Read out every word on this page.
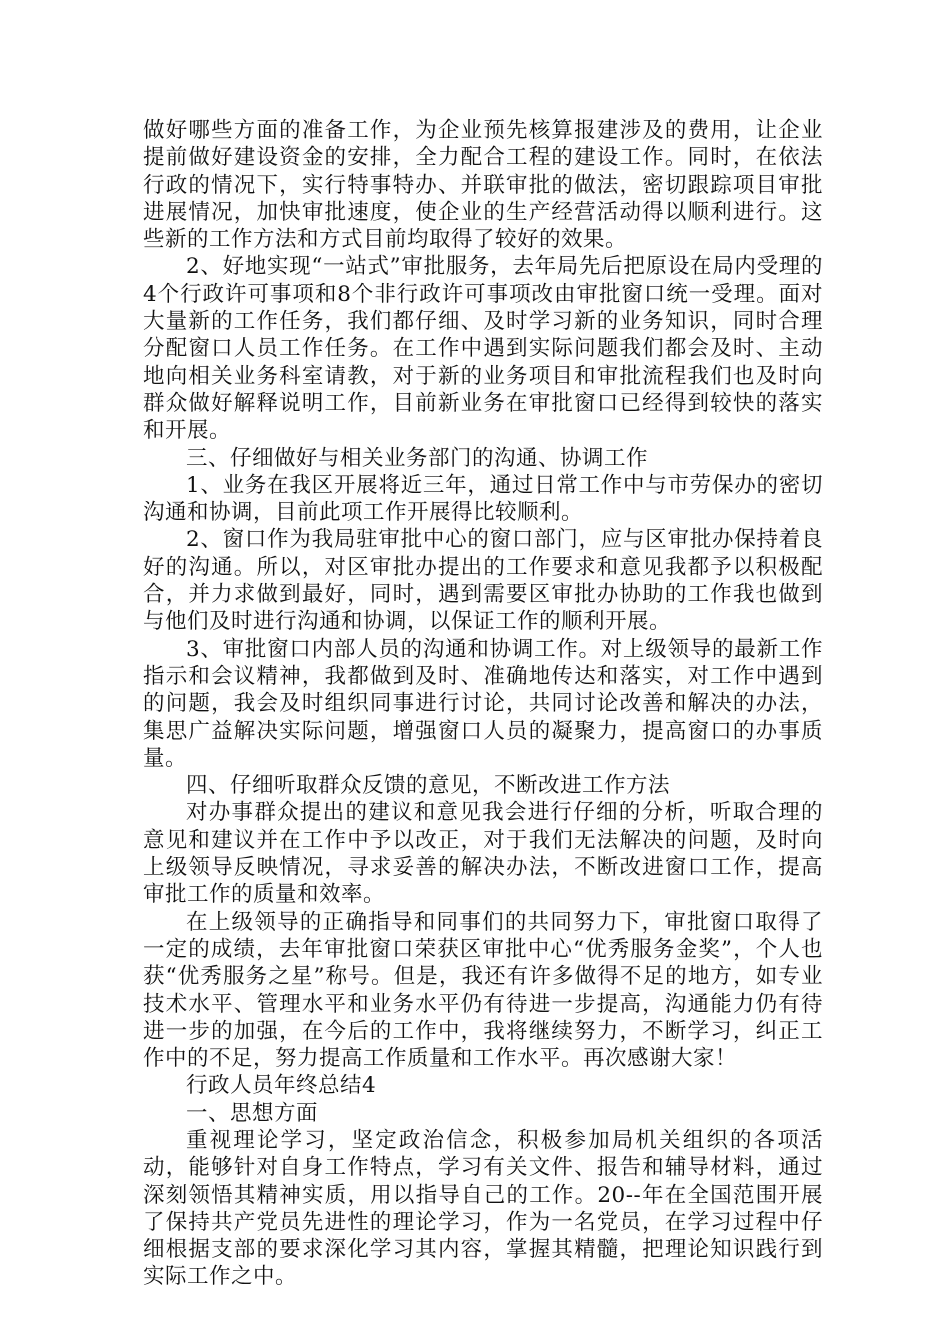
做好哪些方面的准备工作，为企业预先核算报建涉及的费用，让企业提前做好建设资金的安排，全力配合工程的建设工作。同时，在依法行政的情况下，实行特事特办、并联审批的做法，密切跟踪项目审批进展情况，加快审批速度，使企业的生产经营活动得以顺利进行。这些新的工作方法和方式目前均取得了较好的效果。

2、好地实现“一站式”审批服务，去年局先后把原设在局内受理的4个行政许可事项和8个非行政许可事项改由审批窗口统一受理。面对大量新的工作任务，我们都仔细、及时学习新的业务知识，同时合理分配窗口人员工作任务。在工作中遇到实际问题我们都会及时、主动地向相关业务科室请教，对于新的业务项目和审批流程我们也及时向群众做好解释说明工作，目前新业务在审批窗口已经得到较快的落实和开展。

三、仔细做好与相关业务部门的沟通、协调工作

1、业务在我区开展将近三年，通过日常工作中与市劳保办的密切沟通和协调，目前此项工作开展得比较顺利。

2、窗口作为我局驻审批中心的窗口部门，应与区审批办保持着良好的沟通。所以，对区审批办提出的工作要求和意见我都予以积极配合，并力求做到最好，同时，遇到需要区审批办协助的工作我也做到与他们及时进行沟通和协调，以保证工作的顺利开展。

3、审批窗口内部人员的沟通和协调工作。对上级领导的最新工作指示和会议精神，我都做到及时、准确地传达和落实，对工作中遇到的问题，我会及时组织同事进行讨论，共同讨论改善和解决的办法，集思广益解决实际问题，增强窗口人员的凝聚力，提高窗口的办事质量。

四、仔细听取群众反馈的意见，不断改进工作方法

对办事群众提出的建议和意见我会进行仔细的分析，听取合理的意见和建议并在工作中予以改正，对于我们无法解决的问题，及时向上级领导反映情况，寻求妥善的解决办法，不断改进窗口工作，提高审批工作的质量和效率。

在上级领导的正确指导和同事们的共同努力下，审批窗口取得了一定的成绩，去年审批窗口荣获区审批中心“优秀服务金奖”，个人也获“优秀服务之星”称号。但是，我还有许多做得不足的地方，如专业技术水平、管理水平和业务水平仍有待进一步提高，沟通能力仍有待进一步的加强，在今后的工作中，我将继续努力，不断学习，纠正工作中的不足，努力提高工作质量和工作水平。再次感谢大家！

行政人员年终总结4

一、思想方面

重视理论学习，坚定政治信念，积极参加局机关组织的各项活动，能够针对自身工作特点，学习有关文件、报告和辅导材料，通过深刻领悟其精神实质，用以指导自己的工作。20--年在全国范围开展了保持共产党员先进性的理论学习，作为一名党员，在学习过程中仔细根据支部的要求深化学习其内容，掌握其精髓，把理论知识践行到实际工作之中。
